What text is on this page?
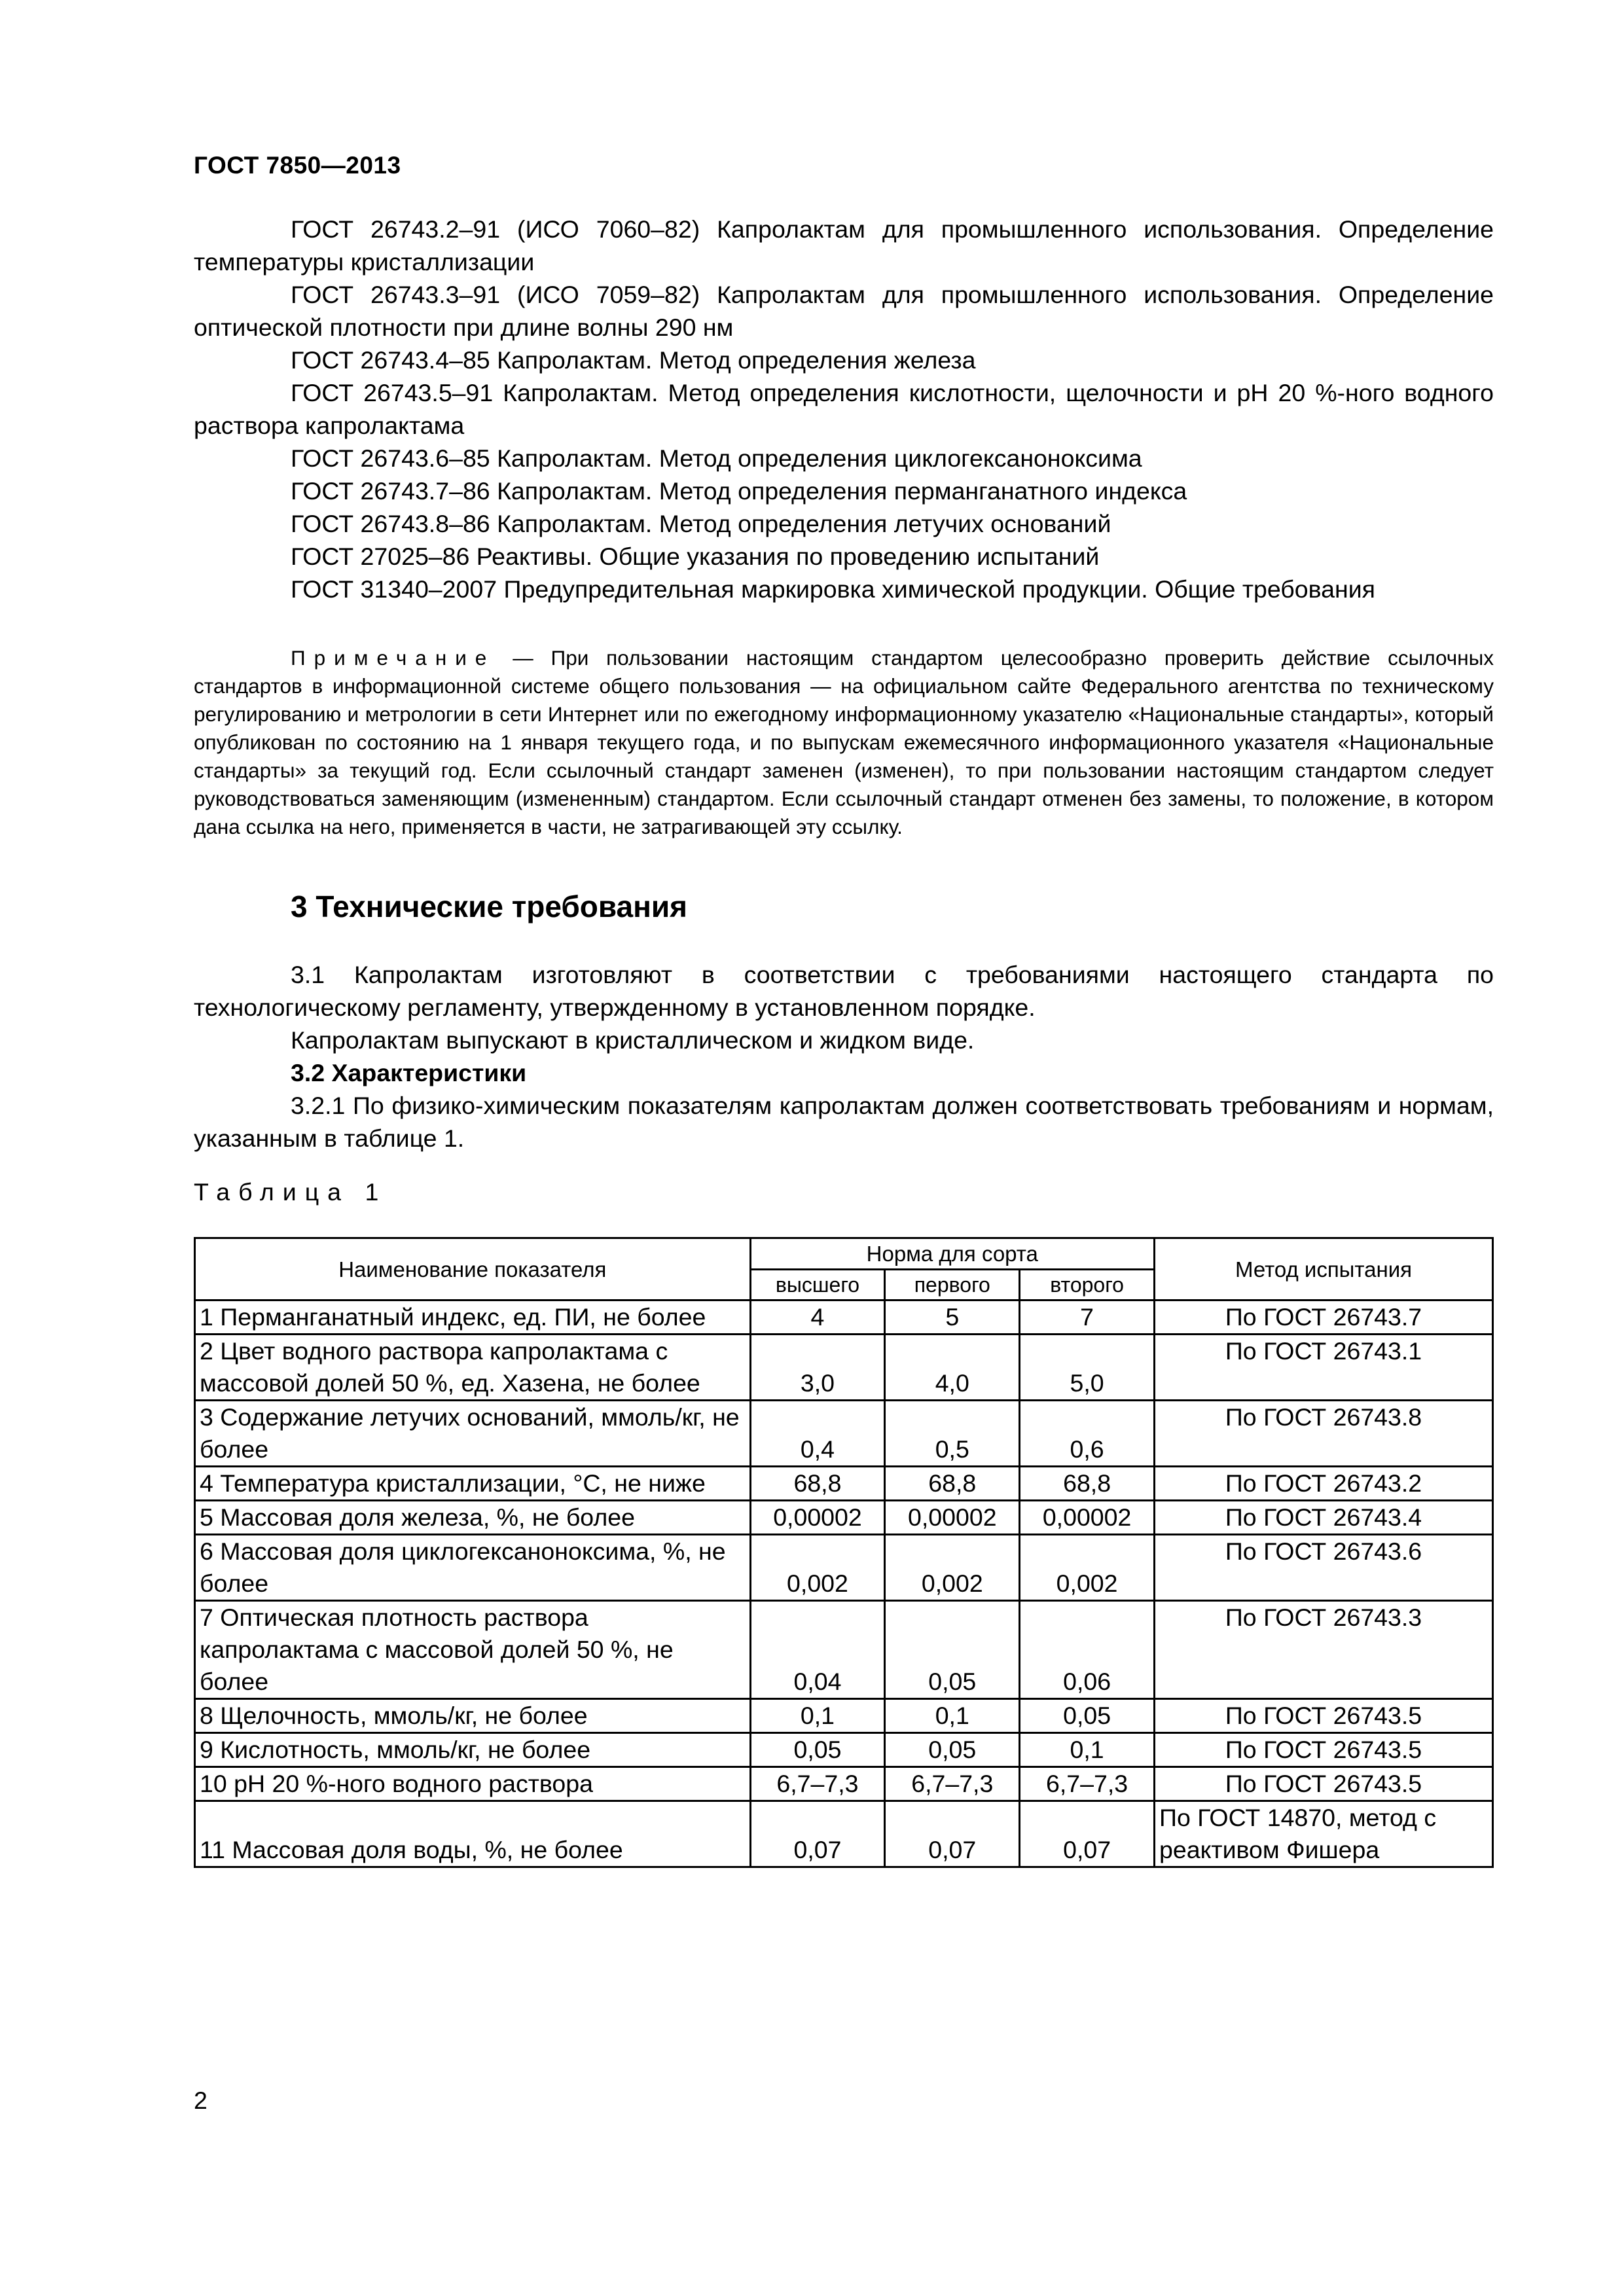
ГОСТ 7850—2013

ГОСТ 26743.2–91 (ИСО 7060–82) Капролактам для промышленного использования. Определение температуры кристаллизации

ГОСТ 26743.3–91 (ИСО 7059–82) Капролактам для промышленного использования. Определение оптической плотности при длине волны 290 нм

ГОСТ 26743.4–85 Капролактам. Метод определения железа

ГОСТ 26743.5–91 Капролактам. Метод определения кислотности, щелочности и pH 20 %-ного водного раствора капролактама

ГОСТ 26743.6–85 Капролактам. Метод определения циклогексаноноксима

ГОСТ 26743.7–86 Капролактам. Метод определения перманганатного индекса

ГОСТ 26743.8–86 Капролактам. Метод определения летучих оснований

ГОСТ 27025–86 Реактивы. Общие указания по проведению испытаний

ГОСТ 31340–2007 Предупредительная маркировка химической продукции. Общие требования

Примечание — При пользовании настоящим стандартом целесообразно проверить действие ссылочных стандартов в информационной системе общего пользования — на официальном сайте Федерального агентства по техническому регулированию и метрологии в сети Интернет или по ежегодному информационному указателю «Национальные стандарты», который опубликован по состоянию на 1 января текущего года, и по выпускам ежемесячного информационного указателя «Национальные стандарты» за текущий год. Если ссылочный стандарт заменен (изменен), то при пользовании настоящим стандартом следует руководствоваться заменяющим (измененным) стандартом. Если ссылочный стандарт отменен без замены, то положение, в котором дана ссылка на него, применяется в части, не затрагивающей эту ссылку.
3 Технические требования

3.1 Капролактам изготовляют в соответствии с требованиями настоящего стандарта по технологическому регламенту, утвержденному в установленном порядке.

Капролактам выпускают в кристаллическом и жидком виде.

3.2 Характеристики

3.2.1 По физико-химическим показателям капролактам должен соответствовать требованиям и нормам, указанным в таблице 1.

Таблица 1
Наименование показателя	Норма для сорта			Метод испытания
	высшего	первого	второго	
1 Перманганатный индекс, ед. ПИ, не более	4	5	7	По ГОСТ 26743.7
2 Цвет водного раствора капролактама с массовой долей 50 %, ед. Хазена, не более	3,0	4,0	5,0	По ГОСТ 26743.1
3 Содержание летучих оснований, ммоль/кг, не более	0,4	0,5	0,6	По ГОСТ 26743.8
4 Температура кристаллизации, °С, не ниже	68,8	68,8	68,8	По ГОСТ 26743.2
5 Массовая доля железа, %, не более	0,00002	0,00002	0,00002	По ГОСТ 26743.4
6 Массовая доля циклогексаноноксима, %, не более	0,002	0,002	0,002	По ГОСТ 26743.6
7 Оптическая плотность раствора капролактама с массовой долей 50 %, не более	0,04	0,05	0,06	По ГОСТ 26743.3
8 Щелочность, ммоль/кг, не более	0,1	0,1	0,05	По ГОСТ 26743.5
9 Кислотность, ммоль/кг, не более	0,05	0,05	0,1	По ГОСТ 26743.5
10 pH 20 %-ного водного раствора	6,7–7,3	6,7–7,3	6,7–7,3	По ГОСТ 26743.5
11 Массовая доля воды, %, не более	0,07	0,07	0,07	По ГОСТ 14870, метод с реактивом Фишера
2
